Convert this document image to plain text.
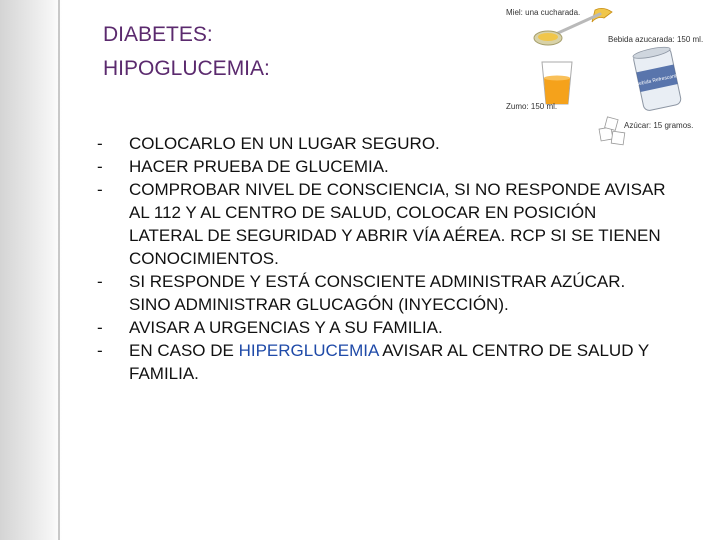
DIABETES:
HIPOGLUCEMIA:
Miel: una cucharada.
Zumo: 150 ml.
Bebida azucarada: 150 ml.
Bebida Refrescante
Azúcar: 15 gramos.
- COLOCARLO EN UN LUGAR SEGURO.
- HACER PRUEBA DE GLUCEMIA.
- COMPROBAR NIVEL DE CONSCIENCIA, SI NO RESPONDE AVISAR AL 112 Y AL CENTRO DE SALUD, COLOCAR EN POSICIÓN LATERAL DE SEGURIDAD Y ABRIR VÍA AÉREA. RCP SI SE TIENEN CONOCIMIENTOS.
- SI RESPONDE Y ESTÁ CONSCIENTE ADMINISTRAR AZÚCAR. SINO ADMINISTRAR GLUCAGÓN (INYECCIÓN).
- AVISAR A URGENCIAS Y A SU FAMILIA.
- EN CASO DE HIPERGLUCEMIA AVISAR AL CENTRO DE SALUD Y FAMILIA.
